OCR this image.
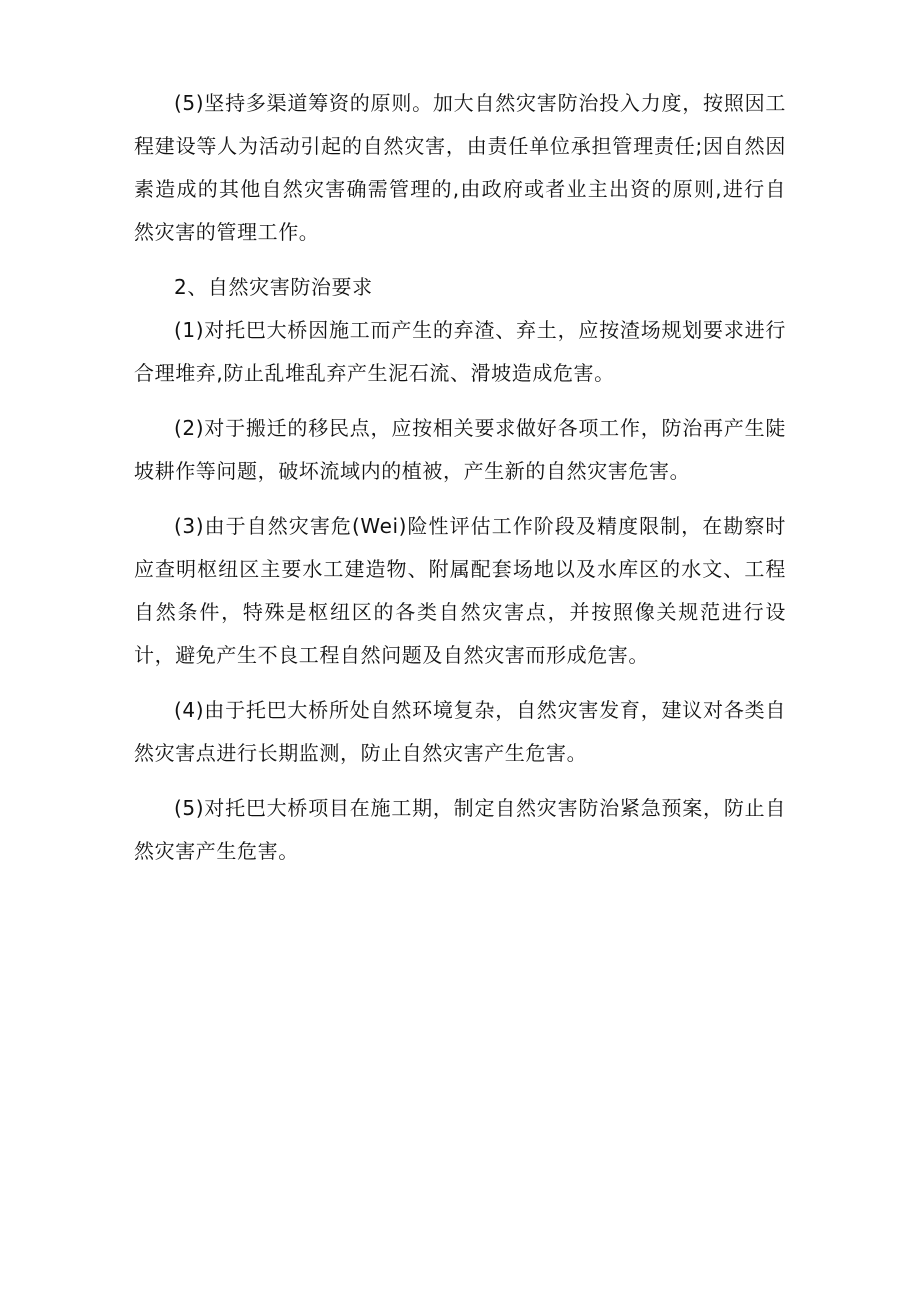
(5)坚持多渠道筹资的原则。加大自然灾害防治投入力度，按照因工程建设等人为活动引起的自然灾害，由责任单位承担管理责任;因自然因素造成的其他自然灾害确需管理的,由政府或者业主出资的原则,进行自然灾害的管理工作。

2、自然灾害防治要求

(1)对托巴大桥因施工而产生的弃渣、弃土，应按渣场规划要求进行合理堆弃,防止乱堆乱弃产生泥石流、滑坡造成危害。

(2)对于搬迁的移民点，应按相关要求做好各项工作，防治再产生陡坡耕作等问题，破坏流域内的植被，产生新的自然灾害危害。

(3)由于自然灾害危(Wei)险性评估工作阶段及精度限制，在勘察时应查明枢纽区主要水工建造物、附属配套场地以及水库区的水文、工程自然条件，特殊是枢纽区的各类自然灾害点，并按照像关规范进行设计，避免产生不良工程自然问题及自然灾害而形成危害。

(4)由于托巴大桥所处自然环境复杂，自然灾害发育，建议对各类自然灾害点进行长期监测，防止自然灾害产生危害。

(5)对托巴大桥项目在施工期，制定自然灾害防治紧急预案，防止自然灾害产生危害。
